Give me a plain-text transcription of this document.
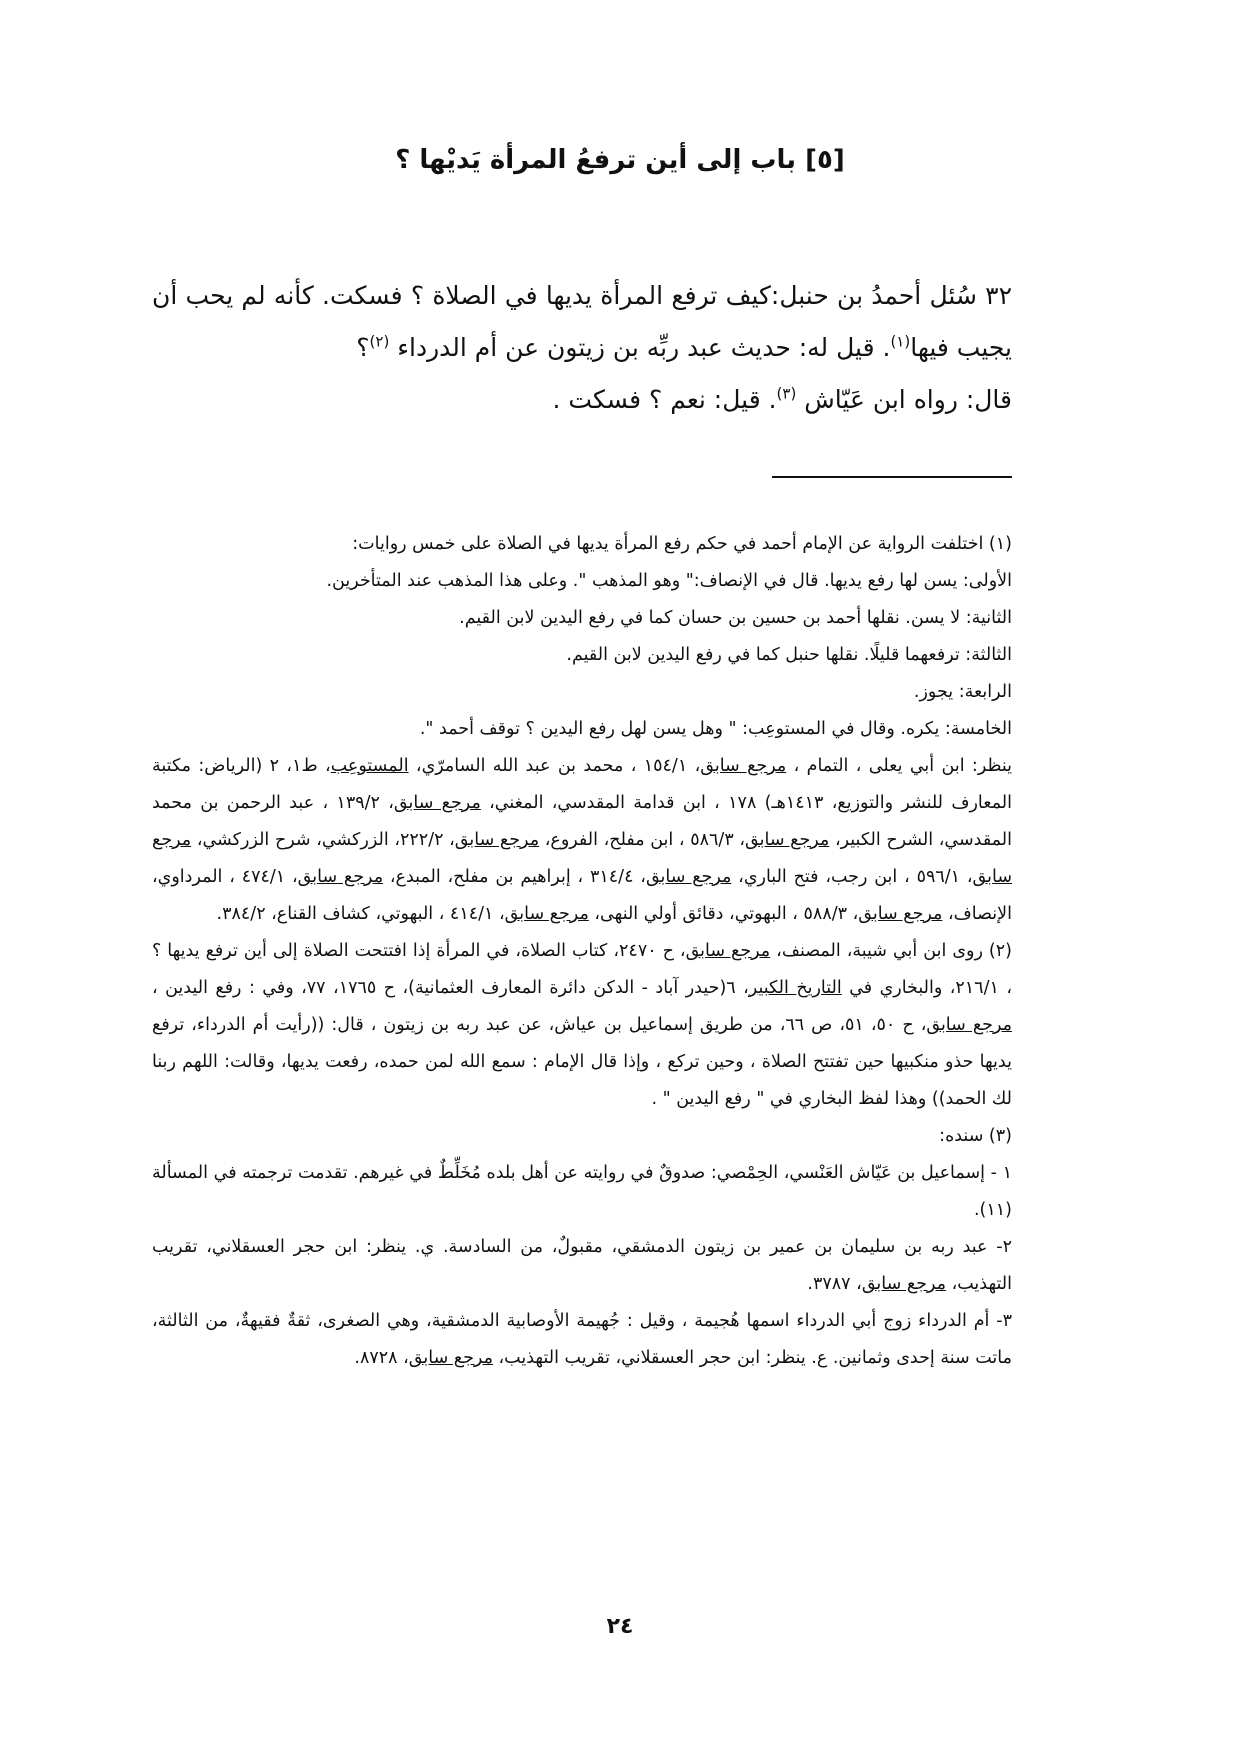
[٥] باب إلى أين ترفعُ المرأة يَديْها ؟

٣٢ سُئل أحمدُ بن حنبل:كيف ترفع المرأة يديها في الصلاة ؟ فسكت. كأنه لم يحب أن يجيب فيها$^{(١)}$. قيل له: حديث عبد ربِّه بن زيتون عن أم الدرداء $^{(٢)}$؟

قال: رواه ابن عَيّاش $^{(٣)}$. قيل: نعم ؟ فسكت .

(١) اختلفت الرواية عن الإمام أحمد في حكم رفع المرأة يديها في الصلاة على خمس روايات:

الأولى: يسن لها رفع يديها. قال في الإنصاف:" وهو المذهب ". وعلى هذا المذهب عند المتأخرين.

الثانية: لا يسن. نقلها أحمد بن حسين بن حسان كما في رفع اليدين لابن القيم.

الثالثة: ترفعهما قليلًا. نقلها حنبل كما في رفع اليدين لابن القيم.

الرابعة: يجوز.

الخامسة: يكره. وقال في المستوعِب: " وهل يسن لهل رفع اليدين ؟ توقف أحمد ".

ينظر: ابن أبي يعلى ، التمام ، مرجع سابق، ١٥٤/١ ، محمد بن عبد الله السامرّي، المستوعِب، ط١، ٢ (الرياض: مكتبة المعارف للنشر والتوزيع، ١٤١٣هـ) ١٧٨ ، ابن قدامة المقدسي، المغني، مرجع سابق، ١٣٩/٢ ، عبد الرحمن بن محمد المقدسي، الشرح الكبير، مرجع سابق، ٥٨٦/٣ ، ابن مفلح، الفروع، مرجع سابق، ٢٢٢/٢، الزركشي، شرح الزركشي، مرجع سابق، ٥٩٦/١ ، ابن رجب، فتح الباري، مرجع سابق، ٣١٤/٤ ، إبراهيم بن مفلح، المبدع، مرجع سابق، ٤٧٤/١ ، المرداوي، الإنصاف، مرجع سابق، ٥٨٨/٣ ، البهوتي، دقائق أولي النهى، مرجع سابق، ٤١٤/١ ، البهوتي، كشاف القناع، ٣٨٤/٢.

(٢) روى ابن أبي شيبة، المصنف، مرجع سابق، ح ٢٤٧٠، كتاب الصلاة، في المرأة إذا افتتحت الصلاة إلى أين ترفع يديها ؟ ، ٢١٦/١، والبخاري في التاريخ الكبير، ٦(حيدر آباد - الدكن دائرة المعارف العثمانية)، ح ١٧٦٥، ٧٧، وفي : رفع اليدين ، مرجع سابق، ح ٥٠، ٥١، ص ٦٦، من طريق إسماعيل بن عياش، عن عبد ربه بن زيتون ، قال: ((رأيت أم الدرداء، ترفع يديها حذو منكبيها حين تفتتح الصلاة ، وحين تركع ، وإذا قال الإمام : سمع الله لمن حمده، رفعت يديها، وقالت: اللهم ربنا لك الحمد)) وهذا لفظ البخاري في " رفع اليدين " .

(٣) سنده:

١ - إسماعيل بن عَيّاش العَنْسي، الحِمْصي: صدوقٌ في روايته عن أهل بلده مُخَلِّطٌ في غيرهم. تقدمت ترجمته في المسألة (١١).

٢- عبد ربه بن سليمان بن عمير بن زيتون الدمشقي، مقبولٌ، من السادسة. ي. ينظر: ابن حجر العسقلاني، تقريب التهذيب، مرجع سابق، ٣٧٨٧.

٣- أم الدرداء زوج أبي الدرداء اسمها هُجيمة ، وقيل : جُهيمة الأوصابية الدمشقية، وهي الصغرى، ثقةٌ فقيهةٌ، من الثالثة، ماتت سنة إحدى وثمانين. ع. ينظر: ابن حجر العسقلاني، تقريب التهذيب، مرجع سابق، ٨٧٢٨.

٢٤
